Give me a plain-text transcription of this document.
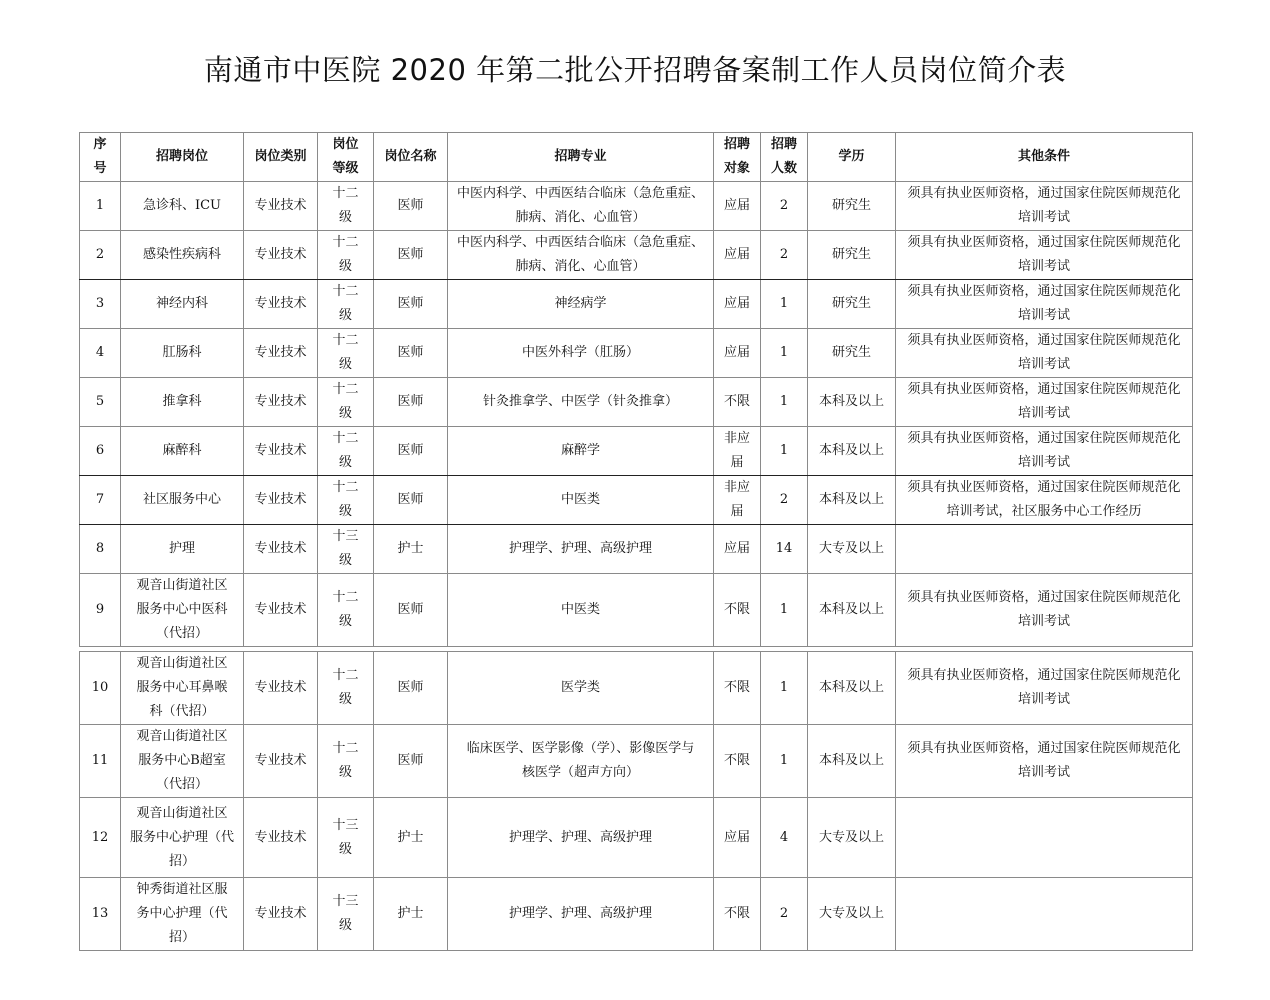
南通市中医院 2020 年第二批公开招聘备案制工作人员岗位简介表
序
号	招聘岗位	岗位类别	岗位
等级	岗位名称	招聘专业	招聘
对象	招聘
人数	学历	其他条件

1	急诊科、ICU	专业技术	十二
级	医师	中医内科学、中西医结合临床（急危重症、
肺病、消化、心血管）	应届	2	研究生	须具有执业医师资格，通过国家住院医师规范化
培训考试

2	感染性疾病科	专业技术	十二
级	医师	中医内科学、中西医结合临床（急危重症、
肺病、消化、心血管）	应届	2	研究生	须具有执业医师资格，通过国家住院医师规范化
培训考试

3	神经内科	专业技术	十二
级	医师	神经病学	应届	1	研究生	须具有执业医师资格，通过国家住院医师规范化
培训考试

4	肛肠科	专业技术	十二
级	医师	中医外科学（肛肠）	应届	1	研究生	须具有执业医师资格，通过国家住院医师规范化
培训考试

5	推拿科	专业技术	十二
级	医师	针灸推拿学、中医学（针灸推拿）	不限	1	本科及以上	须具有执业医师资格，通过国家住院医师规范化
培训考试

6	麻醉科	专业技术	十二
级	医师	麻醉学	非应
届	1	本科及以上	须具有执业医师资格，通过国家住院医师规范化
培训考试

7	社区服务中心	专业技术	十二
级	医师	中医类	非应
届	2	本科及以上	须具有执业医师资格，通过国家住院医师规范化
培训考试，社区服务中心工作经历

8	护理	专业技术	十三
级	护士	护理学、护理、高级护理	应届	14	大专及以上	

9	观音山街道社区
服务中心中医科
（代招）	专业技术	十二
级	医师	中医类	不限	1	本科及以上	须具有执业医师资格，通过国家住院医师规范化
培训考试
10	观音山街道社区
服务中心耳鼻喉
科（代招）	专业技术	十二
级	医师	医学类	不限	1	本科及以上	须具有执业医师资格，通过国家住院医师规范化
培训考试

11	观音山街道社区
服务中心B超室
（代招）	专业技术	十二
级	医师	临床医学、医学影像（学）、影像医学与
核医学（超声方向）	不限	1	本科及以上	须具有执业医师资格，通过国家住院医师规范化
培训考试

12	观音山街道社区
服务中心护理（代
招）	专业技术	十三
级	护士	护理学、护理、高级护理	应届	4	大专及以上	

13	钟秀街道社区服
务中心护理（代
招）	专业技术	十三
级	护士	护理学、护理、高级护理	不限	2	大专及以上	
